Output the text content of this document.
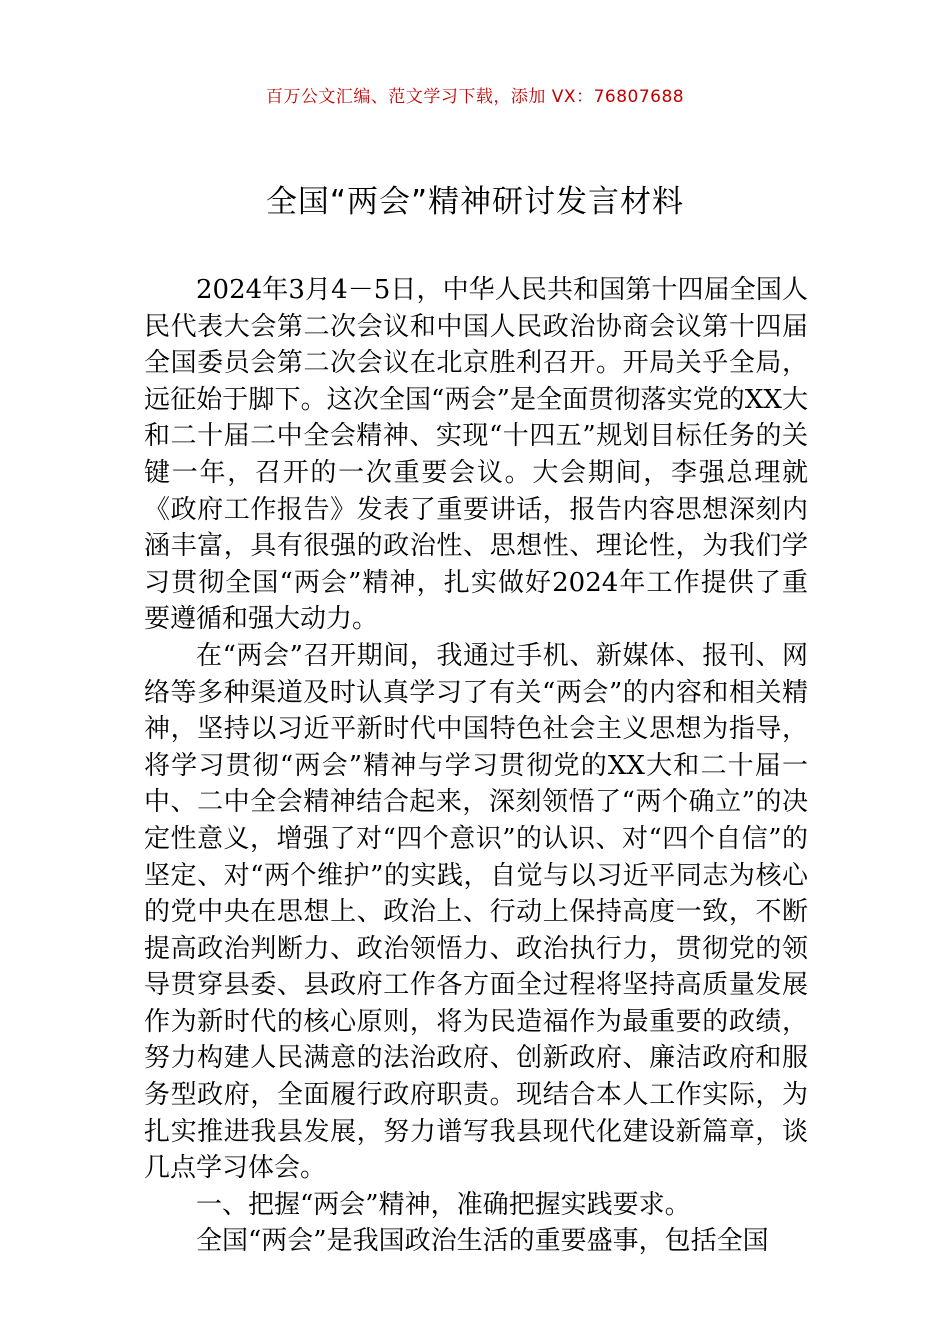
百万公文汇编、范文学习下载，添加 VX：76807688
全国“两会”精神研讨发言材料

2024年3月4－5日，中华人民共和国第十四届全国人民代表大会第二次会议和中国人民政治协商会议第十四届全国委员会第二次会议在北京胜利召开。开局关乎全局，远征始于脚下。这次全国“两会”是全面贯彻落实党的XX大和二十届二中全会精神、实现“十四五”规划目标任务的关键一年，召开的一次重要会议。大会期间，李强总理就《政府工作报告》发表了重要讲话，报告内容思想深刻内涵丰富，具有很强的政治性、思想性、理论性，为我们学习贯彻全国“两会”精神，扎实做好2024年工作提供了重要遵循和强大动力。

在“两会”召开期间，我通过手机、新媒体、报刊、网络等多种渠道及时认真学习了有关“两会”的内容和相关精神，坚持以习近平新时代中国特色社会主义思想为指导，将学习贯彻“两会”精神与学习贯彻党的XX大和二十届一中、二中全会精神结合起来，深刻领悟了“两个确立”的决定性意义，增强了对“四个意识”的认识、对“四个自信”的坚定、对“两个维护”的实践，自觉与以习近平同志为核心的党中央在思想上、政治上、行动上保持高度一致，不断提高政治判断力、政治领悟力、政治执行力，贯彻党的领导贯穿县委、县政府工作各方面全过程将坚持高质量发展作为新时代的核心原则，将为民造福作为最重要的政绩，努力构建人民满意的法治政府、创新政府、廉洁政府和服务型政府，全面履行政府职责。现结合本人工作实际，为扎实推进我县发展，努力谱写我县现代化建设新篇章，谈几点学习体会。

一、把握“两会”精神，准确把握实践要求。

全国“两会”是我国政治生活的重要盛事，包括全国
